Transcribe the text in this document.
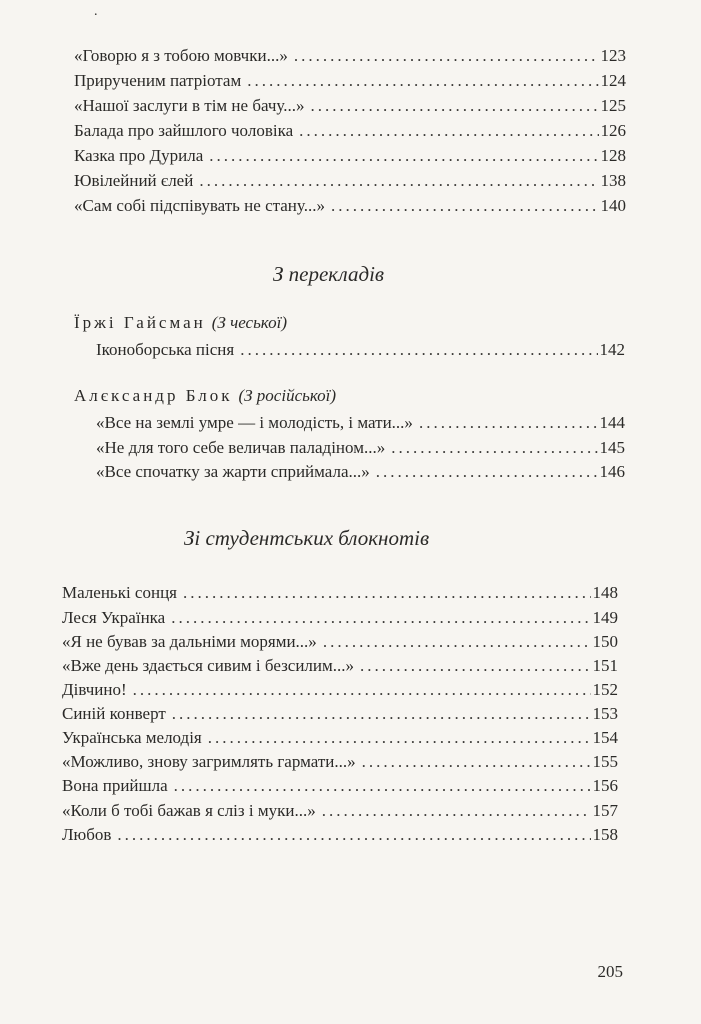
.
«Говорю я з тобою мовчки...» .....	123
Прирученим патріотам .....	124
«Нашої заслуги в тім не бачу...» .....	125
Балада про зайшлого чоловіка .....	126
Казка про Дурила .....	128
Ювілейний єлей .....	138
«Сам собі підспівувать не стану...» .....	140
З перекладів
Їржі Гайсман (З чеської)
Іконоборська пісня .....	142
Алєксандр Блок (З російської)
«Все на землі умре — і молодість, і мати...» .....	144
«Не для того себе величав паладіном...» .....	145
«Все спочатку за жарти сприймала...» .....	146
Зі студентських блокнотів
Маленькі сонця .....	148
Леся Українка .....	149
«Я не бував за дальніми морями...» .....	150
«Вже день здається сивим і безсилим...» .....	151
Дівчино! .....	152
Синій конверт .....	153
Українська мелодія .....	154
«Можливо, знову загримлять гармати...» .....	155
Вона прийшла .....	156
«Коли б тобі бажав я сліз і муки...» .....	157
Любов .....	158
205
